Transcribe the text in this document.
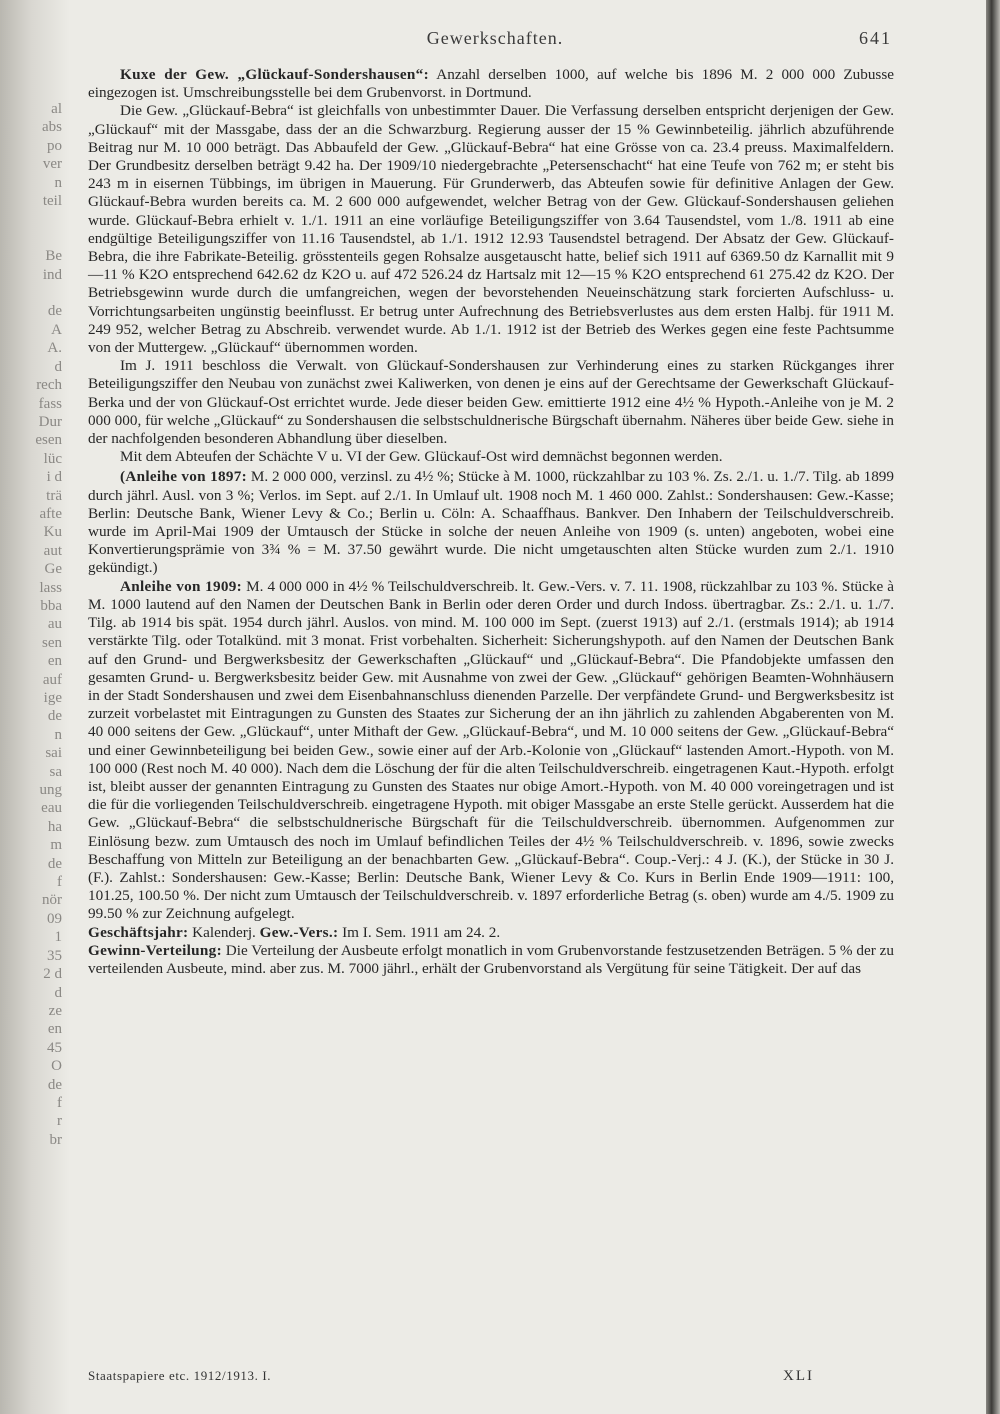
al
abs
po
ver
n
teil

Be
ind

de
A
A.
d
rech
fass
Dur
esen
lüc
i d
trä
afte
Ku
aut
Ge
lass
bba
au
sen
en
auf
ige
de
n
sai
sa
ung
eau
ha
m
de
f
nör
09
1
35
2 d
d
ze
en
45
O
de
f
r
br
Gewerkschaften.	641

Kuxe der Gew. „Glückauf-Sondershausen“: Anzahl derselben 1000, auf welche bis 1896 M. 2 000 000 Zubusse eingezogen ist. Umschreibungsstelle bei dem Grubenvorst. in Dortmund.

Die Gew. „Glückauf-Bebra“ ist gleichfalls von unbestimmter Dauer. Die Verfassung derselben entspricht derjenigen der Gew. „Glückauf“ mit der Massgabe, dass der an die Schwarzburg. Regierung ausser der 15 % Gewinnbeteilig. jährlich abzuführende Beitrag nur M. 10 000 beträgt. Das Abbaufeld der Gew. „Glückauf-Bebra“ hat eine Grösse von ca. 23.4 preuss. Maximalfeldern. Der Grundbesitz derselben beträgt 9.42 ha. Der 1909/10 niedergebrachte „Petersenschacht“ hat eine Teufe von 762 m; er steht bis 243 m in eisernen Tübbings, im übrigen in Mauerung. Für Grunderwerb, das Abteufen sowie für definitive Anlagen der Gew. Glückauf-Bebra wurden bereits ca. M. 2 600 000 aufgewendet, welcher Betrag von der Gew. Glückauf-Sondershausen geliehen wurde. Glückauf-Bebra erhielt v. 1./1. 1911 an eine vorläufige Beteiligungsziffer von 3.64 Tausendstel, vom 1./8. 1911 ab eine endgültige Beteiligungsziffer von 11.16 Tausendstel, ab 1./1. 1912 12.93 Tausendstel betragend. Der Absatz der Gew. Glückauf-Bebra, die ihre Fabrikate-Beteilig. grösstenteils gegen Rohsalze ausgetauscht hatte, belief sich 1911 auf 6369.50 dz Karnallit mit 9—11 % K2O entsprechend 642.62 dz K2O u. auf 472 526.24 dz Hartsalz mit 12—15 % K2O entsprechend 61 275.42 dz K2O. Der Betriebsgewinn wurde durch die umfangreichen, wegen der bevorstehenden Neueinschätzung stark forcierten Aufschluss- u. Vorrichtungsarbeiten ungünstig beeinflusst. Er betrug unter Aufrechnung des Betriebsverlustes aus dem ersten Halbj. für 1911 M. 249 952, welcher Betrag zu Abschreib. verwendet wurde. Ab 1./1. 1912 ist der Betrieb des Werkes gegen eine feste Pachtsumme von der Muttergew. „Glückauf“ übernommen worden.

Im J. 1911 beschloss die Verwalt. von Glückauf-Sondershausen zur Verhinderung eines zu starken Rückganges ihrer Beteiligungsziffer den Neubau von zunächst zwei Kaliwerken, von denen je eins auf der Gerechtsame der Gewerkschaft Glückauf-Berka und der von Glückauf-Ost errichtet wurde. Jede dieser beiden Gew. emittierte 1912 eine 4½ % Hypoth.-Anleihe von je M. 2 000 000, für welche „Glückauf“ zu Sondershausen die selbstschuldnerische Bürgschaft übernahm. Näheres über beide Gew. siehe in der nachfolgenden besonderen Abhandlung über dieselben.

Mit dem Abteufen der Schächte V u. VI der Gew. Glückauf-Ost wird demnächst begonnen werden.

(Anleihe von 1897: M. 2 000 000, verzinsl. zu 4½ %; Stücke à M. 1000, rückzahlbar zu 103 %. Zs. 2./1. u. 1./7. Tilg. ab 1899 durch jährl. Ausl. von 3 %; Verlos. im Sept. auf 2./1. In Umlauf ult. 1908 noch M. 1 460 000. Zahlst.: Sondershausen: Gew.-Kasse; Berlin: Deutsche Bank, Wiener Levy & Co.; Berlin u. Cöln: A. Schaaffhaus. Bankver. Den Inhabern der Teilschuldverschreib. wurde im April-Mai 1909 der Umtausch der Stücke in solche der neuen Anleihe von 1909 (s. unten) angeboten, wobei eine Konvertierungsprämie von 3¾ % = M. 37.50 gewährt wurde. Die nicht umgetauschten alten Stücke wurden zum 2./1. 1910 gekündigt.)

Anleihe von 1909: M. 4 000 000 in 4½ % Teilschuldverschreib. lt. Gew.-Vers. v. 7. 11. 1908, rückzahlbar zu 103 %. Stücke à M. 1000 lautend auf den Namen der Deutschen Bank in Berlin oder deren Order und durch Indoss. übertragbar. Zs.: 2./1. u. 1./7. Tilg. ab 1914 bis spät. 1954 durch jährl. Auslos. von mind. M. 100 000 im Sept. (zuerst 1913) auf 2./1. (erstmals 1914); ab 1914 verstärkte Tilg. oder Totalkünd. mit 3 monat. Frist vorbehalten. Sicherheit: Sicherungshypoth. auf den Namen der Deutschen Bank auf den Grund- und Bergwerksbesitz der Gewerkschaften „Glückauf“ und „Glückauf-Bebra“. Die Pfandobjekte umfassen den gesamten Grund- u. Bergwerksbesitz beider Gew. mit Ausnahme von zwei der Gew. „Glückauf“ gehörigen Beamten-Wohnhäusern in der Stadt Sondershausen und zwei dem Eisenbahnanschluss dienenden Parzelle. Der verpfändete Grund- und Bergwerksbesitz ist zurzeit vorbelastet mit Eintragungen zu Gunsten des Staates zur Sicherung der an ihn jährlich zu zahlenden Abgaberenten von M. 40 000 seitens der Gew. „Glückauf“, unter Mithaft der Gew. „Glückauf-Bebra“, und M. 10 000 seitens der Gew. „Glückauf-Bebra“ und einer Gewinnbeteiligung bei beiden Gew., sowie einer auf der Arb.-Kolonie von „Glückauf“ lastenden Amort.-Hypoth. von M. 100 000 (Rest noch M. 40 000). Nach dem die Löschung der für die alten Teilschuldverschreib. eingetragenen Kaut.-Hypoth. erfolgt ist, bleibt ausser der genannten Eintragung zu Gunsten des Staates nur obige Amort.-Hypoth. von M. 40 000 voreingetragen und ist die für die vorliegenden Teilschuldverschreib. eingetragene Hypoth. mit obiger Massgabe an erste Stelle gerückt. Ausserdem hat die Gew. „Glückauf-Bebra“ die selbstschuldnerische Bürgschaft für die Teilschuldverschreib. übernommen. Aufgenommen zur Einlösung bezw. zum Umtausch des noch im Umlauf befindlichen Teiles der 4½ % Teilschuldverschreib. v. 1896, sowie zwecks Beschaffung von Mitteln zur Beteiligung an der benachbarten Gew. „Glückauf-Bebra“. Coup.-Verj.: 4 J. (K.), der Stücke in 30 J. (F.). Zahlst.: Sondershausen: Gew.-Kasse; Berlin: Deutsche Bank, Wiener Levy & Co. Kurs in Berlin Ende 1909—1911: 100, 101.25, 100.50 %. Der nicht zum Umtausch der Teilschuldverschreib. v. 1897 erforderliche Betrag (s. oben) wurde am 4./5. 1909 zu 99.50 % zur Zeichnung aufgelegt.

Geschäftsjahr: Kalenderj. Gew.-Vers.: Im I. Sem. 1911 am 24. 2.

Gewinn-Verteilung: Die Verteilung der Ausbeute erfolgt monatlich in vom Grubenvorstande festzusetzenden Beträgen. 5 % der zu verteilenden Ausbeute, mind. aber zus. M. 7000 jährl., erhält der Grubenvorstand als Vergütung für seine Tätigkeit. Der auf das

Staatspapiere etc. 1912/1913. I.	XLI
